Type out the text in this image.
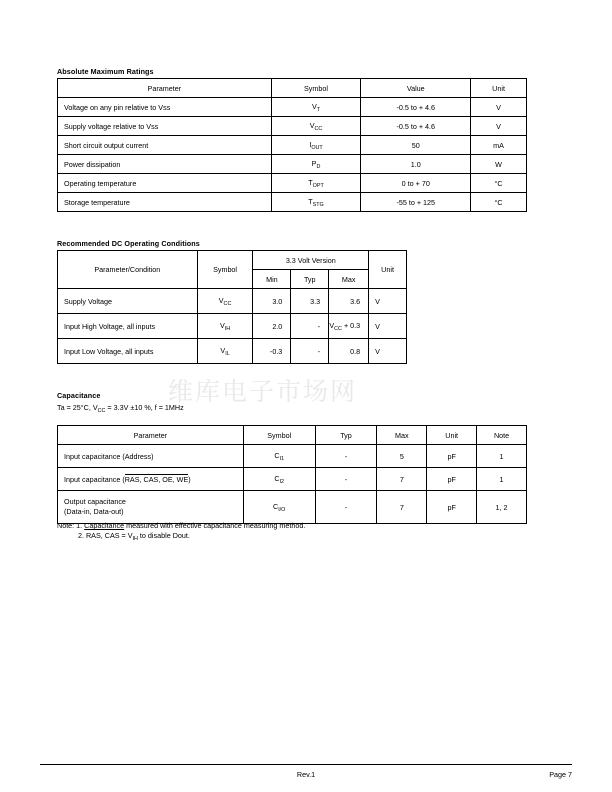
维库电子市场网
Absolute Maximum Ratings
Parameter	Symbol	Value	Unit
Voltage on any pin relative to Vss	$V_T$	-0.5 to + 4.6	V
Supply voltage relative to Vss	$V_{CC}$	-0.5 to + 4.6	V
Short circuit output current	$I_{OUT}$	50	mA
Power dissipation	$P_D$	1.0	W
Operating temperature	$T_{OPT}$	0 to + 70	°C
Storage temperature	$T_{STG}$	-55 to + 125	°C
Recommended DC Operating Conditions
Parameter/Condition	Symbol	3.3 Volt Version			Unit
		Min	Typ	Max	
Supply Voltage	$V_{CC}$	3.0	3.3	3.6	V
Input High Voltage, all inputs	$V_{IH}$	2.0	-	$V_{CC} + 0.3$	V
Input Low Voltage, all inputs	$V_{IL}$	-0.3	-	0.8	V
Capacitance
Ta = 25°C, $V_{CC} = 3.3V \pm 10$ %, f = 1MHz
Parameter	Symbol	Typ	Max	Unit	Note
Input capacitance (Address)	$C_{I1}$	-	5	pF	1
Input capacitance (RAS, CAS, OE, WE)	$C_{I2}$	-	7	pF	1
Output capacitance
(Data-in, Data-out)	$C_{I/O}$	-	7	pF	1, 2
Note: 1. Capacitance measured with effective capacitance measuring method.
2. RAS, CAS = $V_{IH}$ to disable Dout.
Rev.1	Page 7
